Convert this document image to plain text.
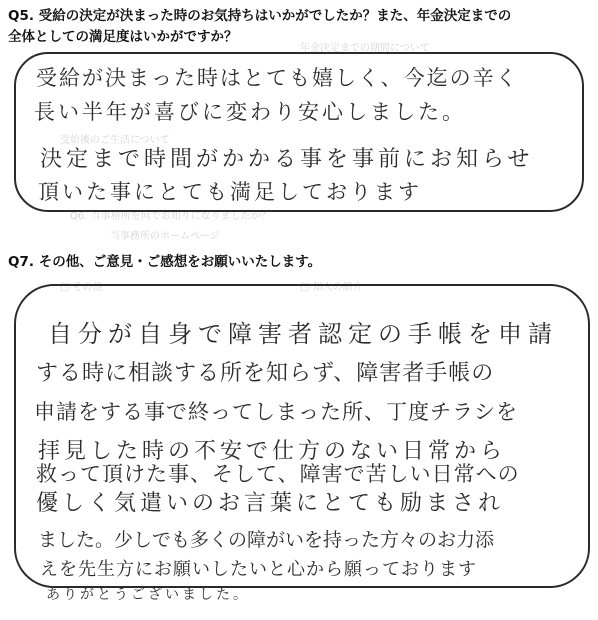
年金決定までの期間について
受給後のご生活について
Q6. 当事務所を何でお知りになりましたか？
当事務所のホームページ
□ その他	□ 知人の紹介
Q5. 受給の決定が決まった時のお気持ちはいかがでしたか？また、年金決定までの
全体としての満足度はいかがですか？
受給が決まった時はとても嬉しく、今迄の辛く
長い半年が喜びに変わり安心しました。
決定まで時間がかかる事を事前にお知らせ
頂いた事にとても満足しております
Q7. その他、ご意見・ご感想をお願いいたします。
自分が自身で障害者認定の手帳を申請
する時に相談する所を知らず、障害者手帳の
申請をする事で終ってしまった所、丁度チラシを
拝見した時の不安で仕方のない日常から
救って頂けた事、そして、障害で苦しい日常への
優しく気遣いのお言葉にとても励まされ
ました。少しでも多くの障がいを持った方々のお力添
えを先生方にお願いしたいと心から願っております
ありがとうございました。
